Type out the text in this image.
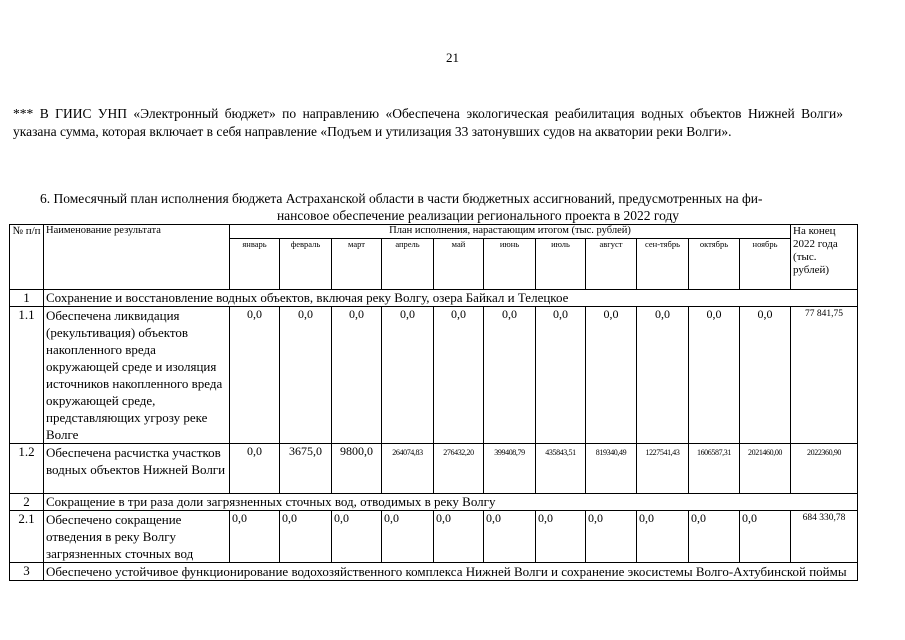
21
*** В ГИИС УНП «Электронный бюджет» по направлению «Обеспечена экологическая реабилитация водных объектов Нижней Волги» указана сумма, которая включает в себя направление «Подъем и утилизация 33 затонувших судов на акватории реки Волги».
6. Помесячный план исполнения бюджета Астраханской области в части бюджетных ассигнований, предусмотренных на фи-
нансовое обеспечение реализации регионального проекта в 2022 году
№ п/п	Наименование результата	План исполнения, нарастающим итогом (тыс. рублей)											На конец 2022 года (тыс. рублей)
		январь	февраль	март	апрель	май	июнь	июль	август	сен-тябрь	октябрь	ноябрь	
1	Сохранение и восстановление водных объектов, включая реку Волгу, озера Байкал и Телецкое												
1.1	Обеспечена ликвидация (рекультивация) объектов накопленного вреда окружающей среде и изоляция источников накопленного вреда окружающей среде, представляющих угрозу реке Волге	0,0	0,0	0,0	0,0	0,0	0,0	0,0	0,0	0,0	0,0	0,0	77 841,75
1.2	Обеспечена расчистка участков водных объектов Нижней Волги	0,0	3675,0	9800,0	264074,83	276432,20	399408,79	435843,51	819340,49	1227541,43	1606587,31	2021460,00	2022360,90
2	Сокращение в три раза доли загрязненных сточных вод, отводимых в реку Волгу												
2.1	Обеспечено сокращение отведения в реку Волгу загрязненных сточных вод	0,0	0,0	0,0	0,0	0,0	0,0	0,0	0,0	0,0	0,0	0,0	684 330,78
3	Обеспечено устойчивое функционирование водохозяйственного комплекса Нижней Волги и сохранение экосистемы Волго-Ахтубинской поймы												
